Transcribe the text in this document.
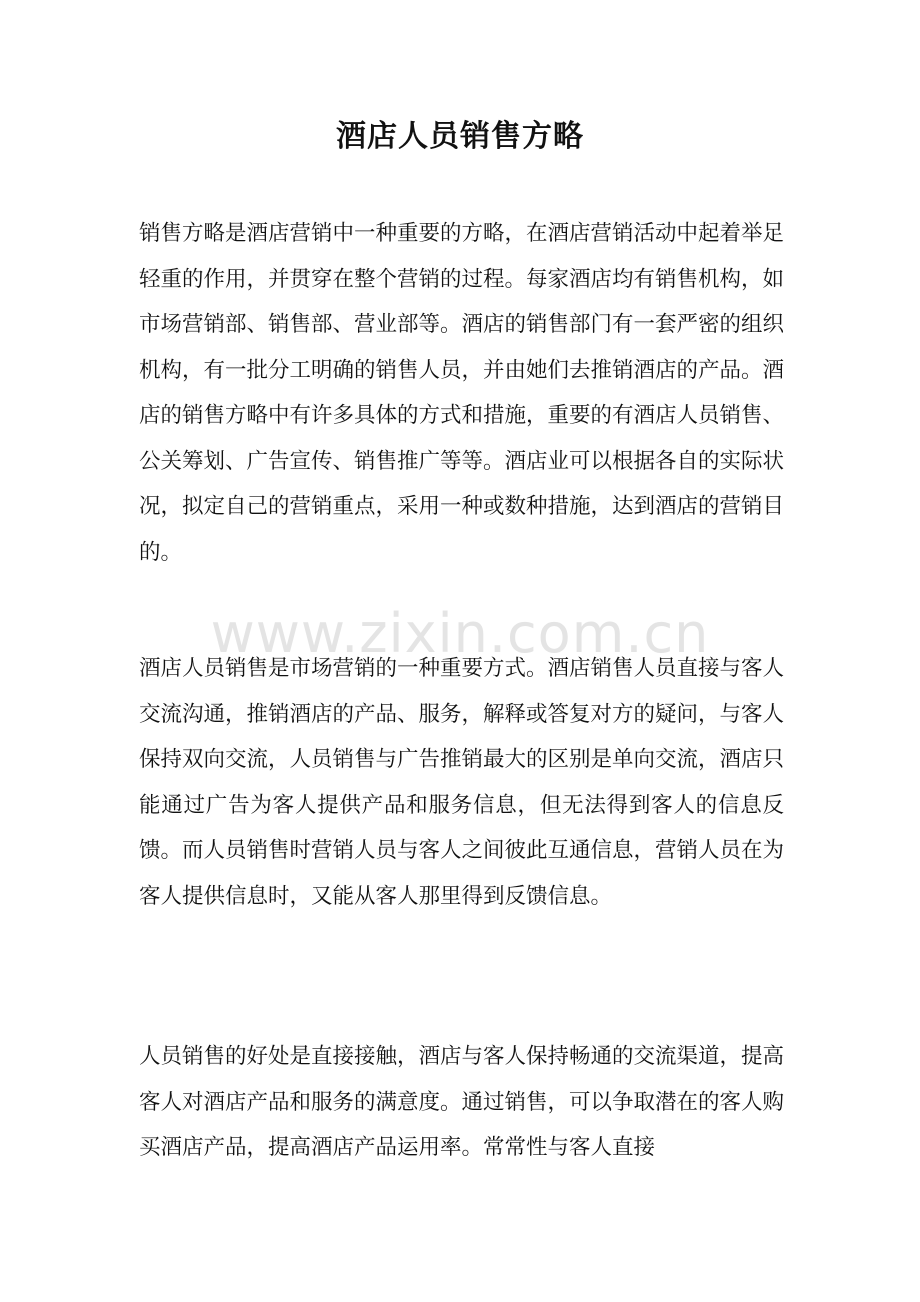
www.zixin.com.cn
酒店人员销售方略

销售方略是酒店营销中一种重要的方略，在酒店营销活动中起着举足轻重的作用，并贯穿在整个营销的过程。每家酒店均有销售机构，如市场营销部、销售部、营业部等。酒店的销售部门有一套严密的组织机构，有一批分工明确的销售人员，并由她们去推销酒店的产品。酒店的销售方略中有许多具体的方式和措施，重要的有酒店人员销售、公关筹划、广告宣传、销售推广等等。酒店业可以根据各自的实际状况，拟定自己的营销重点，采用一种或数种措施，达到酒店的营销目的。

酒店人员销售是市场营销的一种重要方式。酒店销售人员直接与客人交流沟通，推销酒店的产品、服务，解释或答复对方的疑问，与客人保持双向交流，人员销售与广告推销最大的区别是单向交流，酒店只能通过广告为客人提供产品和服务信息，但无法得到客人的信息反馈。而人员销售时营销人员与客人之间彼此互通信息，营销人员在为客人提供信息时，又能从客人那里得到反馈信息。

人员销售的好处是直接接触，酒店与客人保持畅通的交流渠道，提高客人对酒店产品和服务的满意度。通过销售，可以争取潜在的客人购买酒店产品，提高酒店产品运用率。常常性与客人直接
